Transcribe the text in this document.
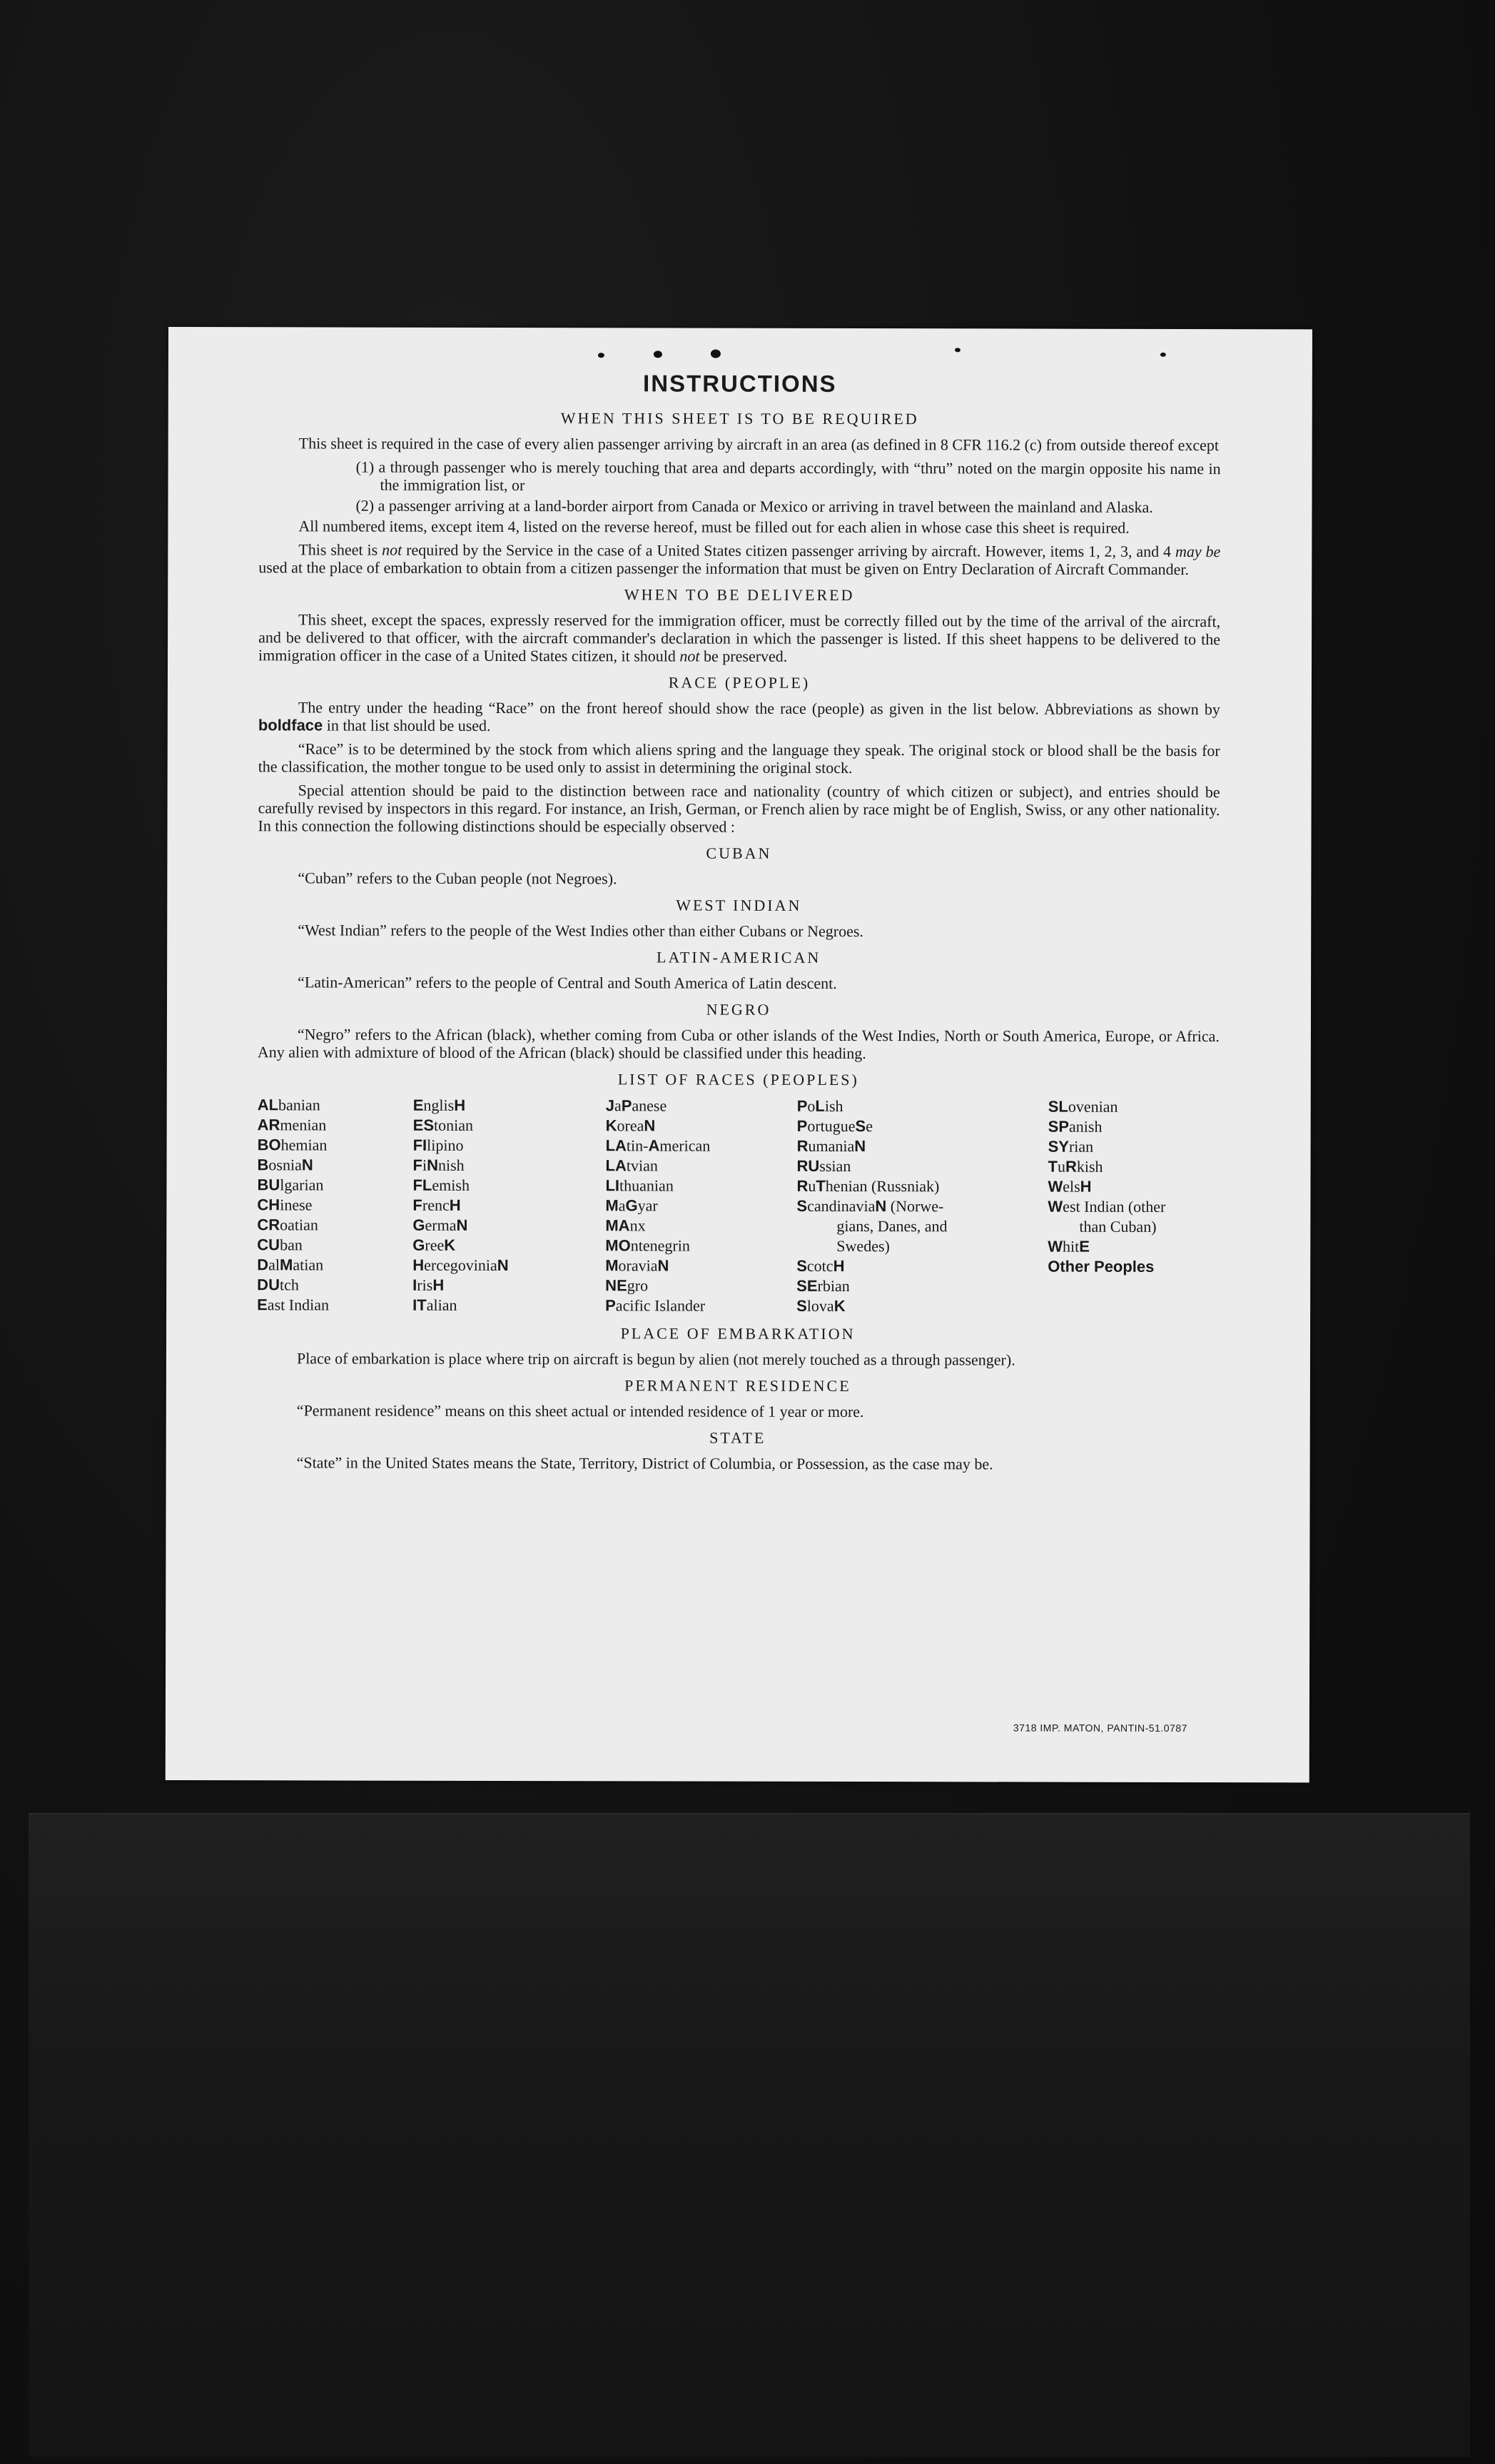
INSTRUCTIONS
WHEN THIS SHEET IS TO BE REQUIRED

This sheet is required in the case of every alien passenger arriving by aircraft in an area (as defined in 8 CFR 116.2 (c) from outside thereof except

(1) a through passenger who is merely touching that area and departs accordingly, with “thru” noted on the margin opposite his name in the immigration list, or

(2) a passenger arriving at a land-border airport from Canada or Mexico or arriving in travel between the mainland and Alaska.

All numbered items, except item 4, listed on the reverse hereof, must be filled out for each alien in whose case this sheet is required.

This sheet is not required by the Service in the case of a United States citizen passenger arriving by aircraft. However, items 1, 2, 3, and 4 may be used at the place of embarkation to obtain from a citizen passenger the information that must be given on Entry Declaration of Aircraft Commander.

WHEN TO BE DELIVERED

This sheet, except the spaces, expressly reserved for the immigration officer, must be correctly filled out by the time of the arrival of the aircraft, and be delivered to that officer, with the aircraft commander's declaration in which the passenger is listed. If this sheet happens to be delivered to the immigration officer in the case of a United States citizen, it should not be preserved.

RACE (PEOPLE)

The entry under the heading “Race” on the front hereof should show the race (people) as given in the list below. Abbreviations as shown by boldface in that list should be used.

“Race” is to be determined by the stock from which aliens spring and the language they speak. The original stock or blood shall be the basis for the classification, the mother tongue to be used only to assist in determining the original stock.

Special attention should be paid to the distinction between race and nationality (country of which citizen or subject), and entries should be carefully revised by inspectors in this regard. For instance, an Irish, German, or French alien by race might be of English, Swiss, or any other nationality. In this connection the following distinctions should be especially observed :

CUBAN

“Cuban” refers to the Cuban people (not Negroes).

WEST INDIAN

“West Indian” refers to the people of the West Indies other than either Cubans or Negroes.

LATIN-AMERICAN

“Latin-American” refers to the people of Central and South America of Latin descent.

NEGRO

“Negro” refers to the African (black), whether coming from Cuba or other islands of the West Indies, North or South America, Europe, or Africa. Any alien with admixture of blood of the African (black) should be classified under this heading.

LIST OF RACES (PEOPLES)
ALbanian
ARmenian
BOhemian
BosniaN
BUlgarian
CHinese
CRoatian
CUban
DalMatian
DUtch
East Indian
EnglisH
EStonian
FIlipino
FiNnish
FLemish
FrencH
GermaN
GreeK
HercegoviniaN
IrisH
ITalian
JaPanese
KoreaN
LAtin-American
LAtvian
LIthuanian
MaGyar
MAnx
MOntenegrin
MoraviaN
NEgro
Pacific Islander
PoLish
PortugueSe
RumaniaN
RUssian
RuThenian (Russniak)
ScandinaviaN (Norwe-
gians, Danes, and
Swedes)
ScotcH
SErbian
SlovaK
SLovenian
SPanish
SYrian
TuRkish
WelsH
West Indian (other
than Cuban)
WhitE
Other Peoples
PLACE OF EMBARKATION

Place of embarkation is place where trip on aircraft is begun by alien (not merely touched as a through passenger).

PERMANENT RESIDENCE

“Permanent residence” means on this sheet actual or intended residence of 1 year or more.

STATE

“State” in the United States means the State, Territory, District of Columbia, or Possession, as the case may be.

3718 IMP. MATON, PANTIN-51.0787
